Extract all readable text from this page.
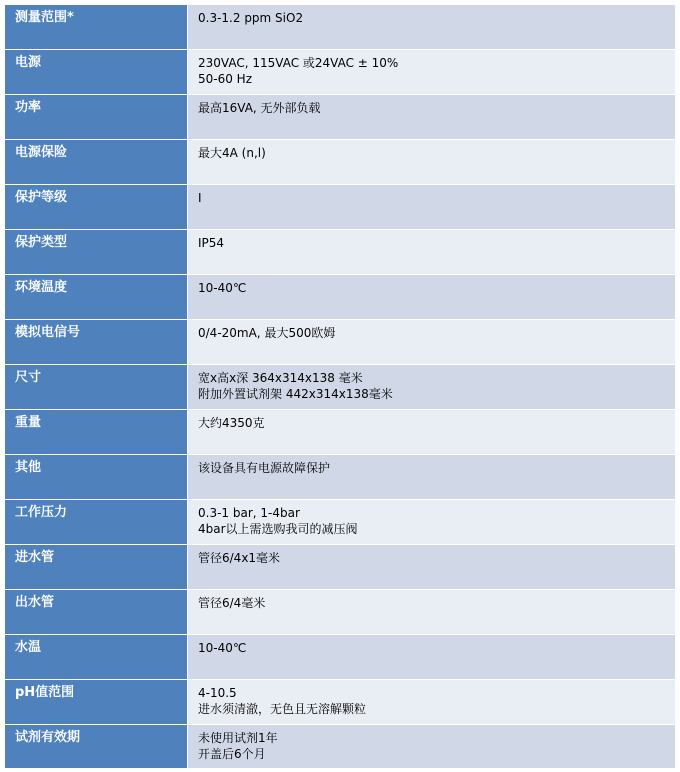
测量范围*	0.3-1.2 ppm SiO2

电源	230VAC, 115VAC 或24VAC ± 10%
50-60 Hz

功率	最高16VA, 无外部负载

电源保险	最大4A (n,l)

保护等级	I

保护类型	IP54

环境温度	10-40℃

模拟电信号	0/4-20mA, 最大500欧姆

尺寸	宽x高x深 364x314x138 毫米
附加外置试剂架 442x314x138毫米

重量	大约4350克

其他	该设备具有电源故障保护

工作压力	0.3-1 bar, 1-4bar
4bar以上需选购我司的减压阀

进水管	管径6/4x1毫米

出水管	管径6/4毫米

水温	10-40℃

pH值范围	4-10.5
进水须清澈，无色且无溶解颗粒

试剂有效期	未使用试剂1年
开盖后6个月
